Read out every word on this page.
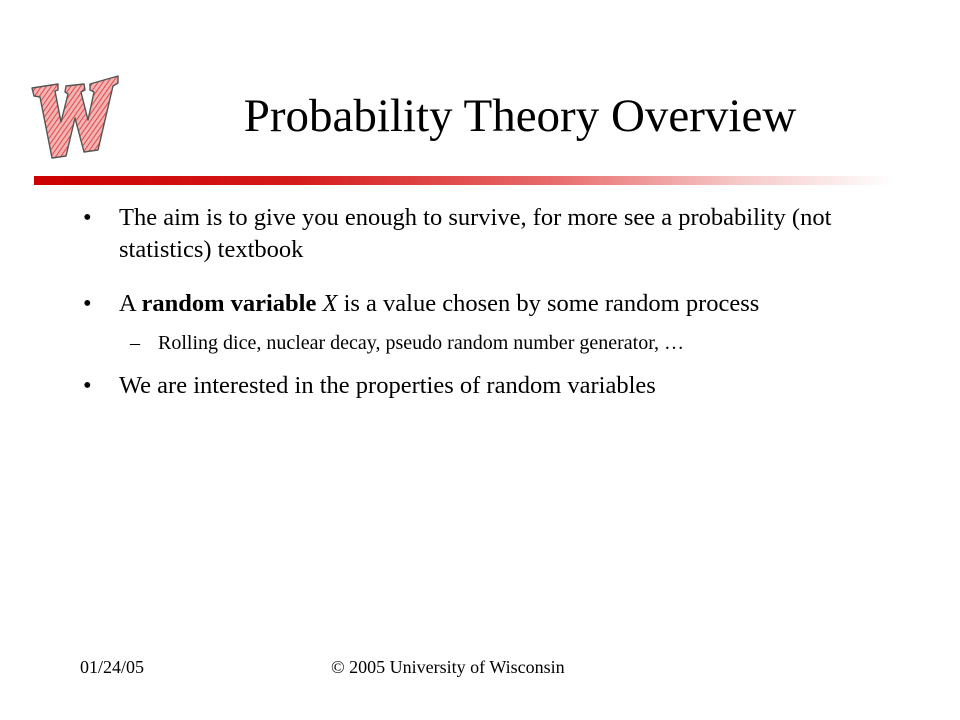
Probability Theory Overview
• The aim is to give you enough to survive, for more see a probability (not statistics) textbook
• A random variable X is a value chosen by some random process
– Rolling dice, nuclear decay, pseudo random number generator, …
• We are interested in the properties of random variables
01/24/05	© 2005 University of Wisconsin
